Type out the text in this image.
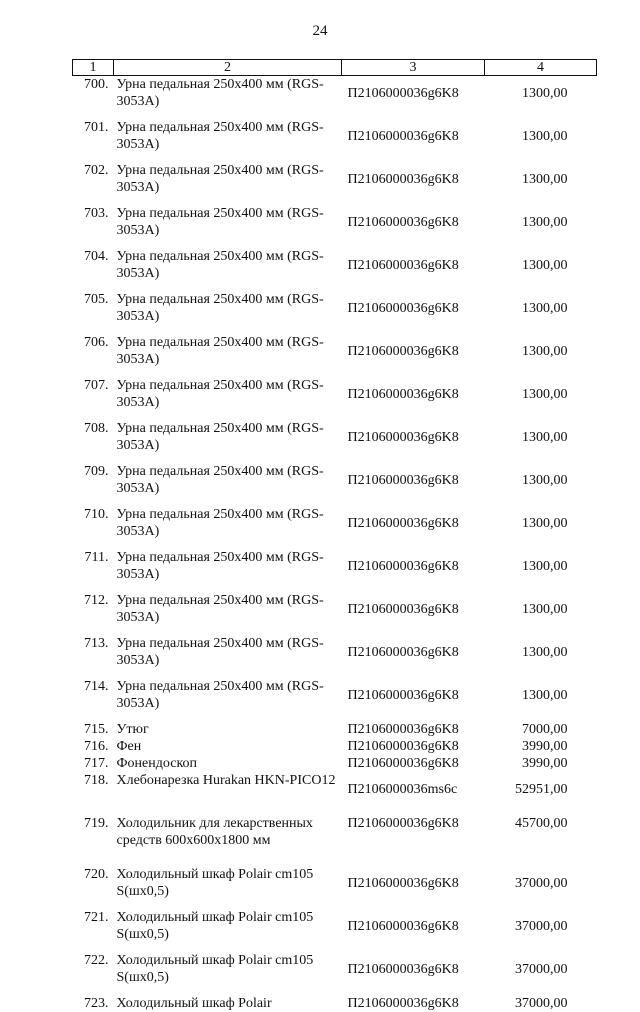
24
1	2	3	4
700.	Урна педальная 250х400 мм (RGS-3053A)	П2106000036g6K8	1300,00
701.	Урна педальная 250х400 мм (RGS-3053A)	П2106000036g6K8	1300,00
702.	Урна педальная 250х400 мм (RGS-3053A)	П2106000036g6K8	1300,00
703.	Урна педальная 250х400 мм (RGS-3053A)	П2106000036g6K8	1300,00
704.	Урна педальная 250х400 мм (RGS-3053A)	П2106000036g6K8	1300,00
705.	Урна педальная 250х400 мм (RGS-3053A)	П2106000036g6K8	1300,00
706.	Урна педальная 250х400 мм (RGS-3053A)	П2106000036g6K8	1300,00
707.	Урна педальная 250х400 мм (RGS-3053A)	П2106000036g6K8	1300,00
708.	Урна педальная 250х400 мм (RGS-3053A)	П2106000036g6K8	1300,00
709.	Урна педальная 250х400 мм (RGS-3053A)	П2106000036g6K8	1300,00
710.	Урна педальная 250х400 мм (RGS-3053A)	П2106000036g6K8	1300,00
711.	Урна педальная 250х400 мм (RGS-3053A)	П2106000036g6K8	1300,00
712.	Урна педальная 250х400 мм (RGS-3053A)	П2106000036g6K8	1300,00
713.	Урна педальная 250х400 мм (RGS-3053A)	П2106000036g6K8	1300,00
714.	Урна педальная 250х400 мм (RGS-3053A)	П2106000036g6K8	1300,00
715.	Утюг	П2106000036g6K8	7000,00
716.	Фен	П2106000036g6K8	3990,00
717.	Фонендоскоп	П2106000036g6K8	3990,00
718.	Хлебонарезка Hurakan HKN-PICO12	П2106000036ms6c	52951,00
719.	Холодильник для лекарственных средств 600х600х1800 мм	П2106000036g6K8	45700,00
720.	Холодильный шкаф Polair cm105 S(шх0,5)	П2106000036g6K8	37000,00
721.	Холодильный шкаф Polair cm105 S(шх0,5)	П2106000036g6K8	37000,00
722.	Холодильный шкаф Polair cm105 S(шх0,5)	П2106000036g6K8	37000,00
723.	Холодильный шкаф Polair	П2106000036g6K8	37000,00
